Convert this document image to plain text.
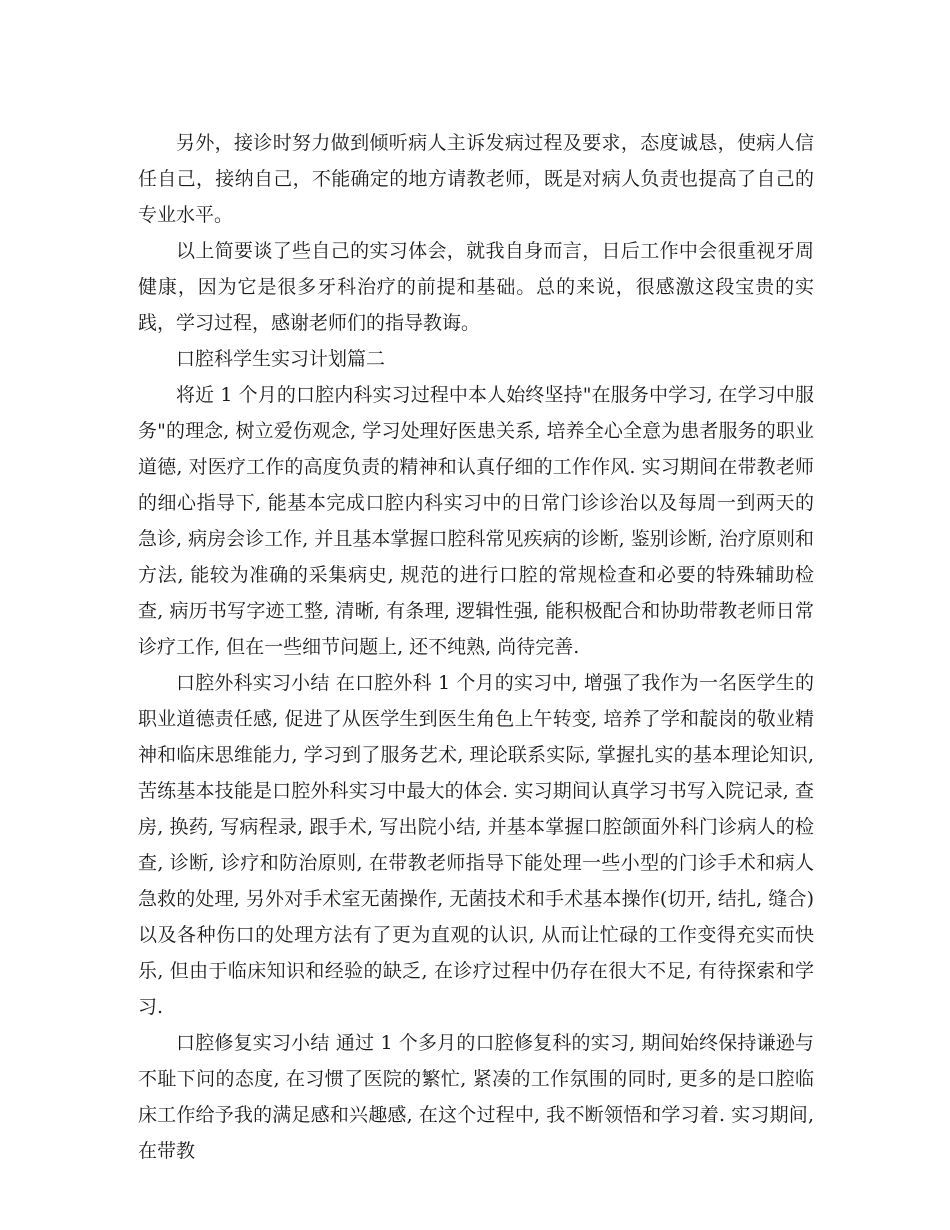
另外，接诊时努力做到倾听病人主诉发病过程及要求，态度诚恳，使病人信任自己，接纳自己，不能确定的地方请教老师，既是对病人负责也提高了自己的专业水平。

以上简要谈了些自己的实习体会，就我自身而言，日后工作中会很重视牙周健康，因为它是很多牙科治疗的前提和基础。总的来说，很感激这段宝贵的实践，学习过程，感谢老师们的指导教诲。

口腔科学生实习计划篇二

将近 1 个月的口腔内科实习过程中本人始终坚持"在服务中学习, 在学习中服务"的理念, 树立爱伤观念, 学习处理好医患关系, 培养全心全意为患者服务的职业道德, 对医疗工作的高度负责的精神和认真仔细的工作作风. 实习期间在带教老师的细心指导下, 能基本完成口腔内科实习中的日常门诊诊治以及每周一到两天的急诊, 病房会诊工作, 并且基本掌握口腔科常见疾病的诊断, 鉴别诊断, 治疗原则和方法, 能较为准确的采集病史, 规范的进行口腔的常规检查和必要的特殊辅助检查, 病历书写字迹工整, 清晰, 有条理, 逻辑性强, 能积极配合和协助带教老师日常诊疗工作, 但在一些细节问题上, 还不纯熟, 尚待完善.

口腔外科实习小结 在口腔外科 1 个月的实习中, 增强了我作为一名医学生的职业道德责任感, 促进了从医学生到医生角色上午转变, 培养了学和靛岗的敬业精神和临床思维能力, 学习到了服务艺术, 理论联系实际, 掌握扎实的基本理论知识, 苦练基本技能是口腔外科实习中最大的体会. 实习期间认真学习书写入院记录, 查房, 换药, 写病程录, 跟手术, 写出院小结, 并基本掌握口腔颌面外科门诊病人的检查, 诊断, 诊疗和防治原则, 在带教老师指导下能处理一些小型的门诊手术和病人急救的处理, 另外对手术室无菌操作, 无菌技术和手术基本操作(切开, 结扎, 缝合)以及各种伤口的处理方法有了更为直观的认识, 从而让忙碌的工作变得充实而快乐, 但由于临床知识和经验的缺乏, 在诊疗过程中仍存在很大不足, 有待探索和学习.

口腔修复实习小结 通过 1 个多月的口腔修复科的实习, 期间始终保持谦逊与不耻下问的态度, 在习惯了医院的繁忙, 紧凑的工作氛围的同时, 更多的是口腔临床工作给予我的满足感和兴趣感, 在这个过程中, 我不断领悟和学习着. 实习期间, 在带教
